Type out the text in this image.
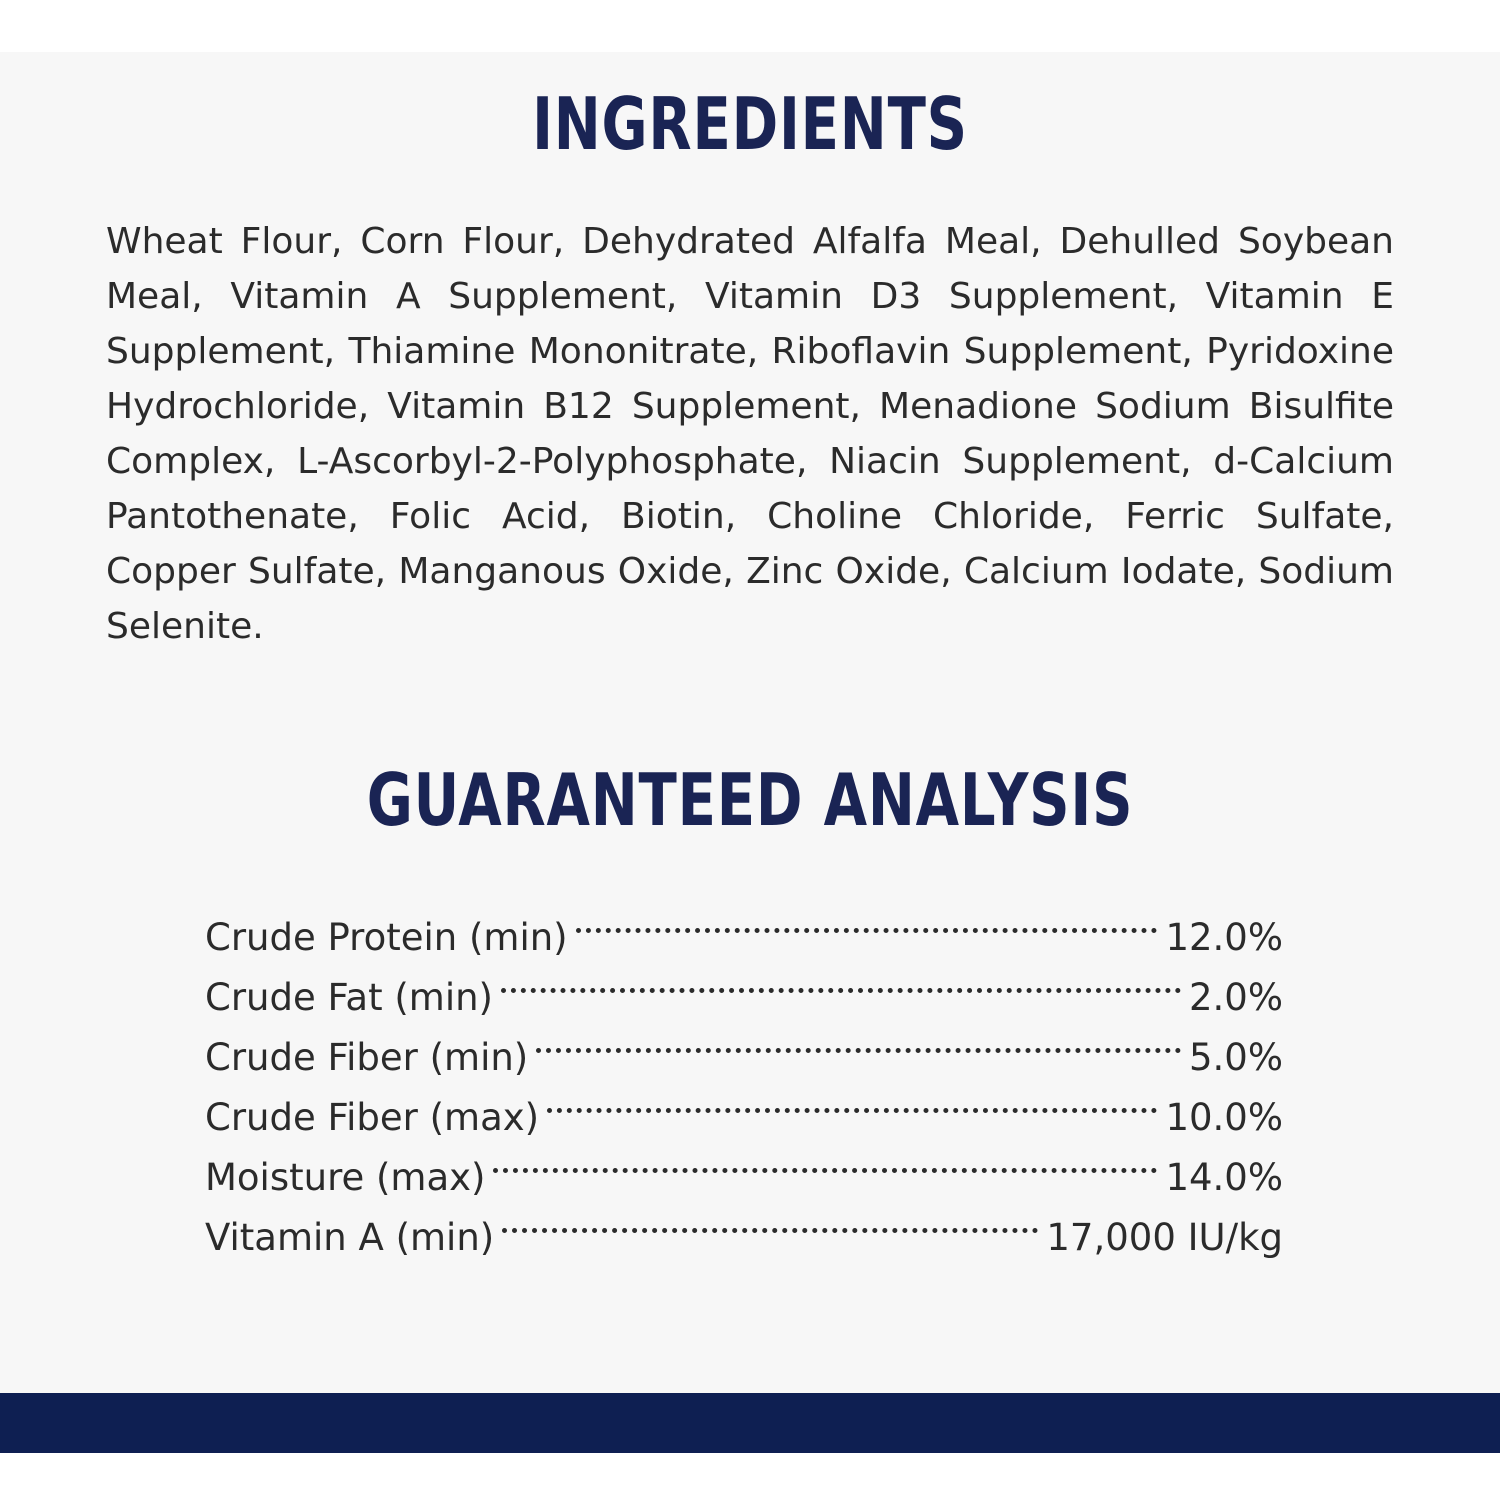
INGREDIENTS

Wheat Flour, Corn Flour, Dehydrated Alfalfa Meal, Dehulled Soybean Meal, Vitamin A Supplement, Vitamin D3 Supplement, Vitamin E Supplement, Thiamine Mononitrate, Riboflavin Supplement, Pyridoxine Hydrochloride, Vitamin B12 Supplement, Menadione Sodium Bisulfite Complex, L-Ascorbyl-2-Polyphosphate, Niacin Supplement, d-Calcium Pantothenate, Folic Acid, Biotin, Choline Chloride, Ferric Sulfate, Copper Sulfate, Manganous Oxide, Zinc Oxide, Calcium Iodate, Sodium Selenite.

GUARANTEED ANALYSIS
Crude Protein (min)	12.0%
Crude Fat (min)	2.0%
Crude Fiber (min)	5.0%
Crude Fiber (max)	10.0%
Moisture (max)	14.0%
Vitamin A (min)	17,000 IU/kg
